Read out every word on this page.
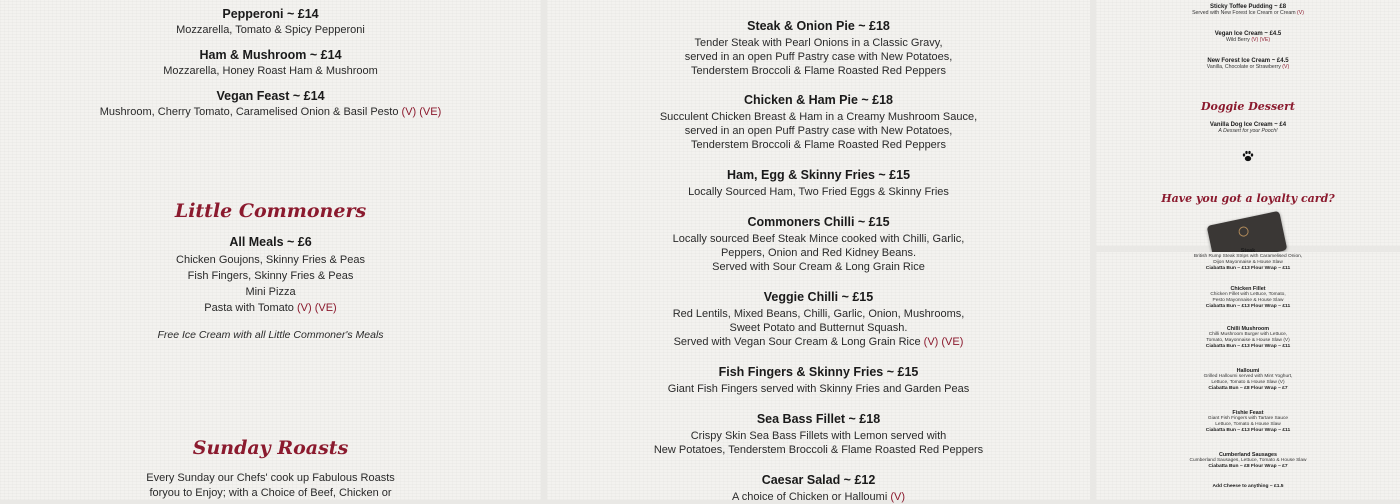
Pepperoni ~ £14
Mozzarella, Tomato & Spicy Pepperoni
Ham & Mushroom ~ £14
Mozzarella, Honey Roast Ham & Mushroom
Vegan Feast ~ £14
Mushroom, Cherry Tomato, Caramelised Onion & Basil Pesto (V) (VE)
Little Commoners
All Meals ~ £6
Chicken Goujons, Skinny Fries & Peas
Fish Fingers, Skinny Fries & Peas
Mini Pizza
Pasta with Tomato (V) (VE)
Free Ice Cream with all Little Commoner's Meals
Sunday Roasts
Every Sunday our Chefs' cook up Fabulous Roasts
foryou to Enjoy; with a Choice of Beef, Chicken or
Steak & Onion Pie ~ £18
Tender Steak with Pearl Onions in a Classic Gravy,
served in an open Puff Pastry case with New Potatoes,
Tenderstem Broccoli & Flame Roasted Red Peppers
Chicken & Ham Pie ~ £18
Succulent Chicken Breast & Ham in a Creamy Mushroom Sauce,
served in an open Puff Pastry case with New Potatoes,
Tenderstem Broccoli & Flame Roasted Red Peppers
Ham, Egg & Skinny Fries ~ £15
Locally Sourced Ham, Two Fried Eggs & Skinny Fries
Commoners Chilli ~ £15
Locally sourced Beef Steak Mince cooked with Chilli, Garlic,
Peppers, Onion and Red Kidney Beans.
Served with Sour Cream & Long Grain Rice
Veggie Chilli ~ £15
Red Lentils, Mixed Beans, Chilli, Garlic, Onion, Mushrooms,
Sweet Potato and Butternut Squash.
Served with Vegan Sour Cream & Long Grain Rice (V) (VE)
Fish Fingers & Skinny Fries ~ £15
Giant Fish Fingers served with Skinny Fries and Garden Peas
Sea Bass Fillet ~ £18
Crispy Skin Sea Bass Fillets with Lemon served with
New Potatoes, Tenderstem Broccoli & Flame Roasted Red Peppers
Caesar Salad ~ £12
A choice of Chicken or Halloumi (V)
Sticky Toffee Pudding ~ £8
Served with New Forest Ice Cream or Cream (V)
Vegan Ice Cream ~ £4.5
Wild Berry (V) (VE)
New Forest Ice Cream ~ £4.5
Vanilla, Chocolate or Strawberry (V)
Doggie Dessert
Vanilla Dog Ice Cream ~ £4
A Dessert for your Pooch!
Have you got a loyalty card?
Steak
British Rump Steak Strips with Caramelised Onion,
Dijon Mayonnaise & House Slaw
Ciabatta Bun ~ £13 Flour Wrap ~ £11
Chicken Fillet
Chicken Fillet with Lettuce, Tomato,
Pesto Mayonnaise & House Slaw
Ciabatta Bun ~ £13 Flour Wrap ~ £11
Chilli Mushroom
Chilli Mushroom Burger with Lettuce,
Tomato, Mayonnaise & House Slaw (V)
Ciabatta Bun ~ £13 Flour Wrap ~ £11
Halloumi
Grilled Halloumi served with Mint Yoghurt,
Lettuce, Tomato & House Slaw (V)
Ciabatta Bun ~ £8 Flour Wrap ~ £7
Fishie Feast
Giant Fish Fingers with Tartare Sauce
Lettuce, Tomato & House Slaw
Ciabatta Bun ~ £13 Flour Wrap ~ £11
Cumberland Sausages
Cumberland Sausages, Lettuce, Tomato & House Slaw
Ciabatta Bun ~ £8 Flour Wrap ~ £7
Add Cheese to anything ~ £1.5
